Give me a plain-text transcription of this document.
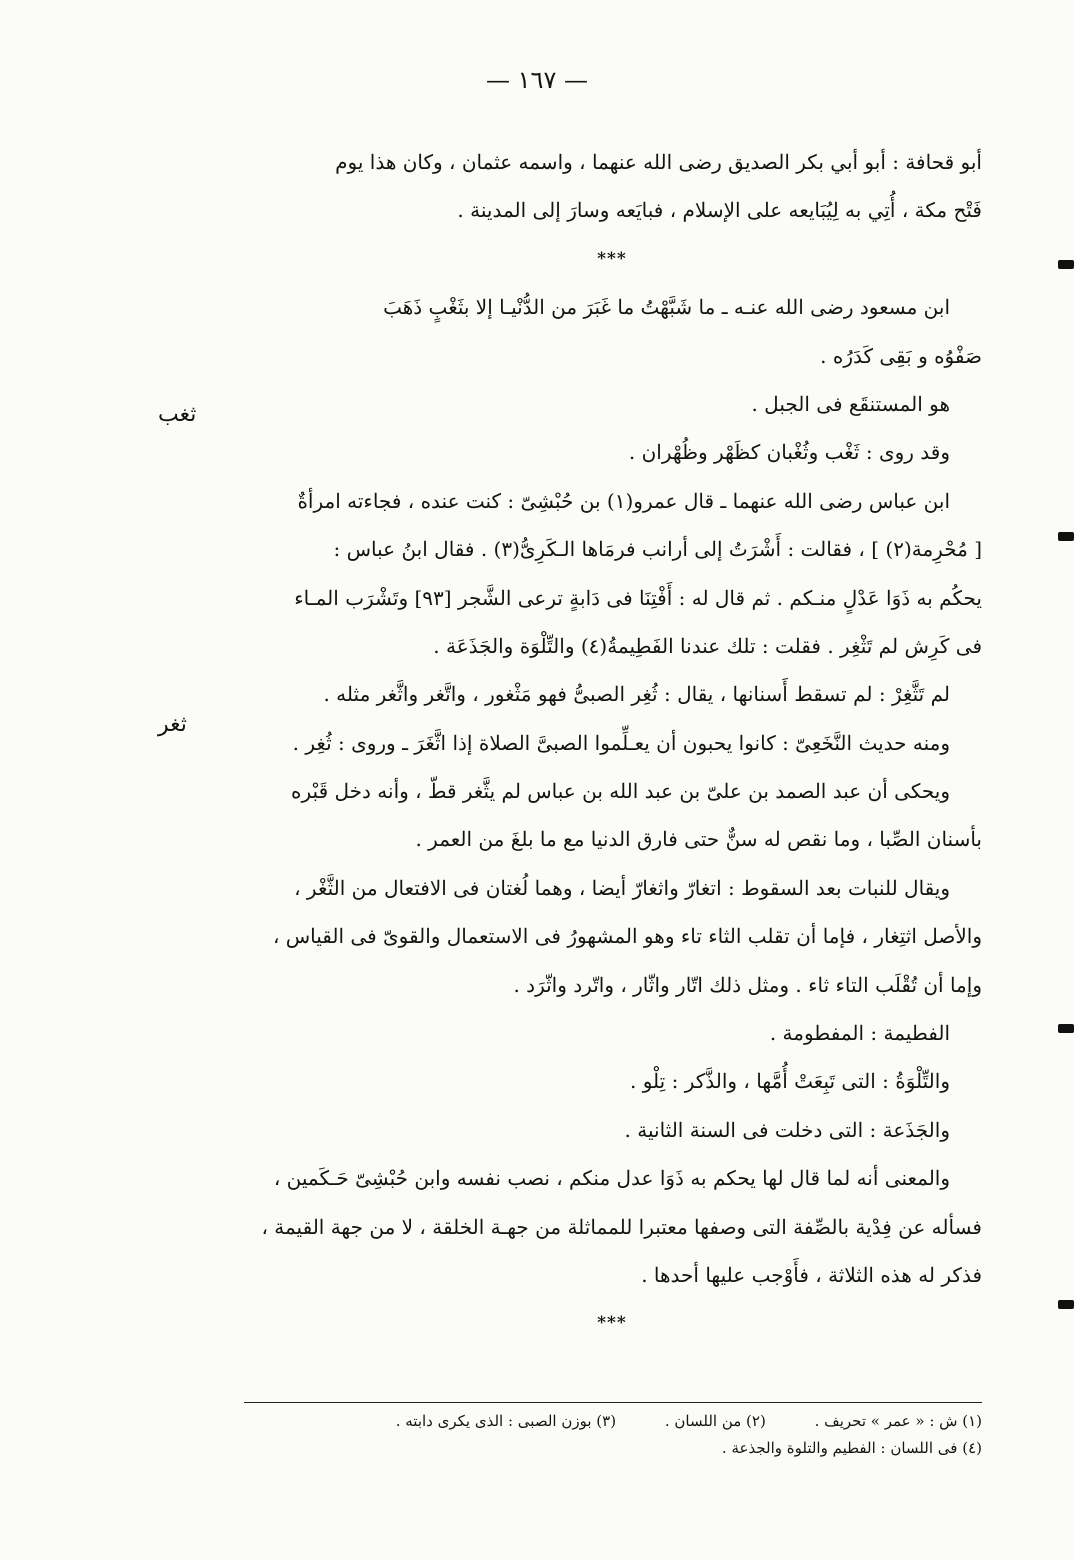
— ١٦٧ —
ثغب
ثغر
أبو قحافة : أبو أبي بكر الصديق رضى الله عنهما ، واسمه عثمان ، وكان هذا يوم
فَتْح مكة ، أُتِي به لِيُبَايعه على الإسلام ، فبايَعه وسارَ إلى المدينة .
***
ابن مسعود رضى الله عنـه ـ ما شَبَّهْتُ ما غَبَرَ من الدُّنْيـا إلا بثَغْبٍ ذَهَبَ
صَفْوُه و بَقِى كَدَرُه .
هو المستنقَع فى الجبل .
وقد روى : ثَغْب وثُغْبان كظَهْر وظُهْران .
ابن عباس رضى الله عنهما ـ قال عمرو(١) بن حُبْشِىّ : كنت عنده ، فجاءته امرأةٌ
[ مُحْرِمة(٢) ] ، فقالت : أَشْرَتُ إلى أرانب فرمَاها الـكَرِىُّ(٣) . فقال ابنُ عباس :
يحكُم به ذَوَا عَدْلٍ منـكم . ثم قال له : أَفْتِنَا فى دَابةٍ ترعى الشَّجر [٩٣] وتَشْرَب المـاء
فى كَرِش لم تَثْغِر . فقلت : تلك عندنا الفَطِيمةُ(٤) والتِّلْوَة والجَذَعَة .
لم تَثَّغِرْ : لم تسقط أَسنانها ، يقال : ثُغِر الصبىُّ فهو مَثْغور ، واتَّغر واثَّغر مثله .
ومنه حديث النَّخَعِىّ : كانوا يحبون أن يعـلِّموا الصبىَّ الصلاة إذا اثَّغَرَ ـ وروى : ثُغِر .
ويحكى أن عبد الصمد بن علىّ بن عبد الله بن عباس لم يثَّغر قطّ ، وأنه دخل قَبْره
بأسنان الصِّبا ، وما نقص له سنٌّ حتى فارق الدنيا مع ما بلغَ من العمر .
ويقال للنبات بعد السقوط : اتغارّ واثغارّ أيضا ، وهما لُغتان فى الافتعال من الثَّغْر ،
والأصل اثتِغار ، فإما أن تقلب الثاء تاء وهو المشهورُ فى الاستعمال والقوىّ فى القياس ،
وإما أن تُقْلَب التاء ثاء . ومثل ذلك اتّار واثّار ، واتّرد واثّرَد .
الفطيمة : المفطومة .
والتِّلْوَةُ : التى تَبِعَتْ أُمَّها ، والذَّكر : تِلْو .
والجَذَعة : التى دخلت فى السنة الثانية .
والمعنى أنه لما قال لها يحكم به ذَوَا عدل منكم ، نصب نفسه وابن حُبْشِىّ حَـكَمين ،
فسأله عن فِدْية بالصِّفة التى وصفها معتبرا للمماثلة من جهـة الخلقة ، لا من جهة القيمة ،
فذكر له هذه الثلاثة ، فأَوْجب عليها أحدها .
***
(١) ش : « عمر » تحريف . (٢) من اللسان . (٣) بوزن الصبى : الذى يكرى دابته .
(٤) فى اللسان : الفطيم والتلوة والجذعة .
